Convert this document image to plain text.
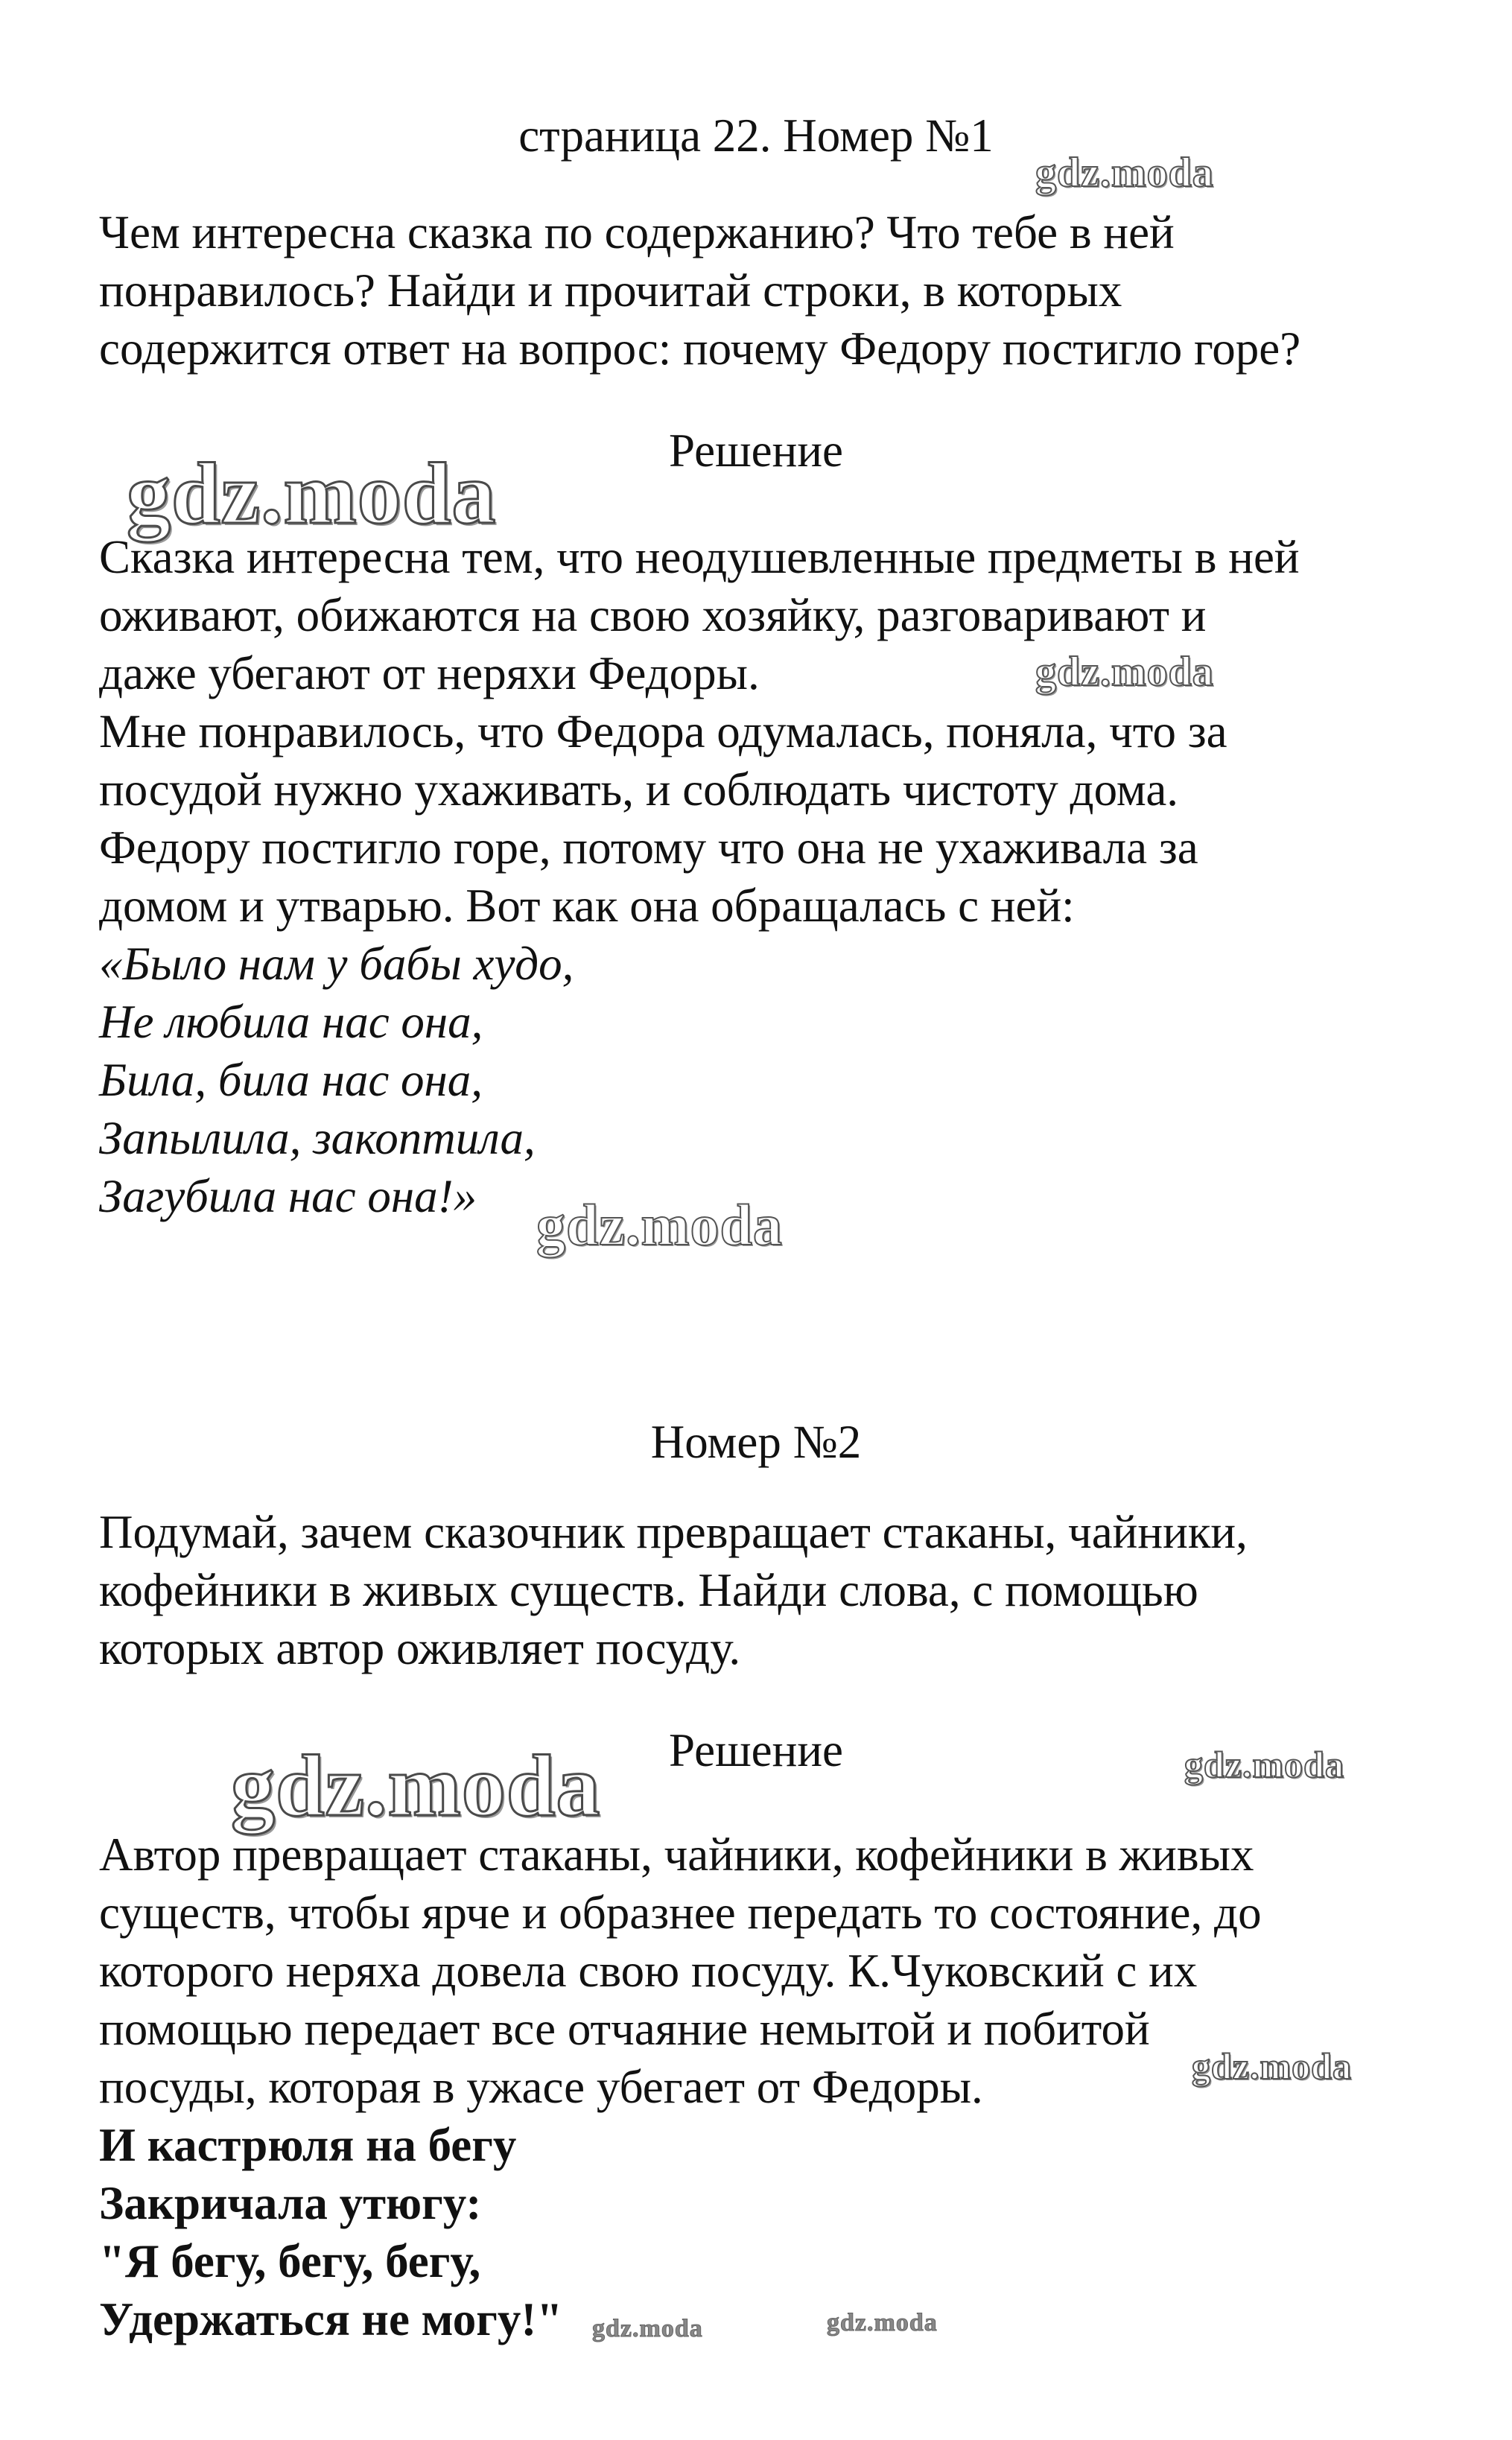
страница 22. Номер №1

Чем интересна сказка по содержанию? Что тебе в ней

понравилось? Найди и прочитай строки, в которых

содержится ответ на вопрос: почему Федору постигло горе?

Решение

Сказка интересна тем, что неодушевленные предметы в ней

оживают, обижаются на свою хозяйку, разговаривают и

даже убегают от неряхи Федоры.

Мне понравилось, что Федора одумалась, поняла, что за

посудой нужно ухаживать, и соблюдать чистоту дома.

Федору постигло горе, потому что она не ухаживала за

домом и утварью. Вот как она обращалась с ней:

«Было нам у бабы худо,

Не любила нас она,

Била, била нас она,

Запылила, закоптила,

Загубила нас она!»

Номер №2

Подумай, зачем сказочник превращает стаканы, чайники,

кофейники в живых существ. Найди слова, с помощью

которых автор оживляет посуду.

Решение

Автор превращает стаканы, чайники, кофейники в живых

существ, чтобы ярче и образнее передать то состояние, до

которого неряха довела свою посуду. К.Чуковский с их

помощью передает все отчаяние немытой и побитой

посуды, которая в ужасе убегает от Федоры.

И кастрюля на бегу

Закричала утюгу:

"Я бегу, бегу, бегу,

Удержаться не могу!"

gdz.moda
gdz.moda
gdz.moda
gdz.moda
gdz.moda	gdz.moda
gdz.moda
gdz.moda	gdz.moda
